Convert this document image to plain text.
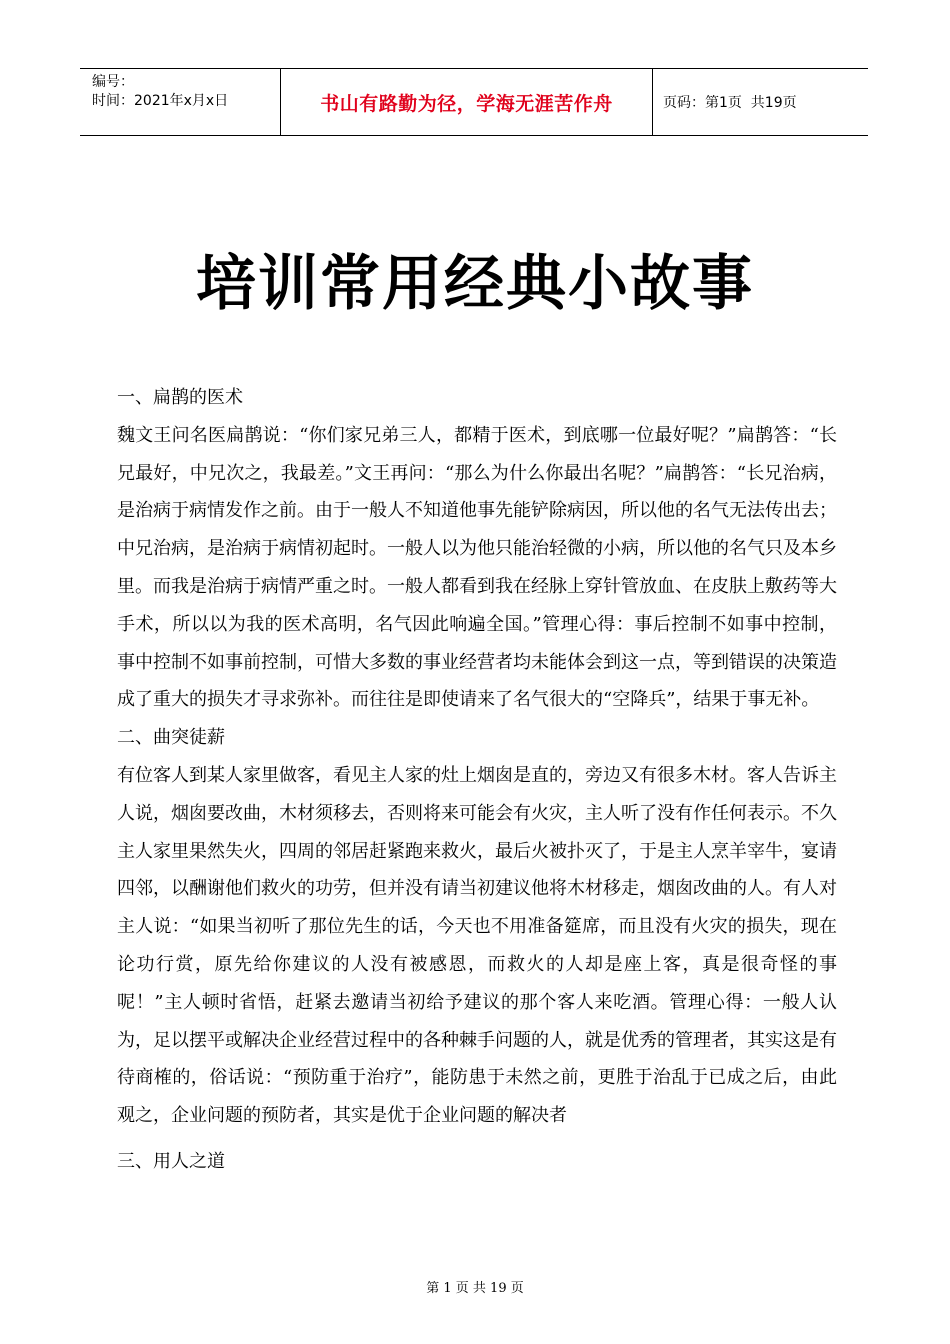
编号：
时间：2021年x月x日	书山有路勤为径，学海无涯苦作舟	页码：第1页  共19页
培训常用经典小故事

一、扁鹊的医术

魏文王问名医扁鹊说：“你们家兄弟三人，都精于医术，到底哪一位最好呢？”扁鹊答：“长兄最好，中兄次之，我最差。”文王再问：“那么为什么你最出名呢？”扁鹊答：“长兄治病，是治病于病情发作之前。由于一般人不知道他事先能铲除病因，所以他的名气无法传出去；中兄治病，是治病于病情初起时。一般人以为他只能治轻微的小病，所以他的名气只及本乡里。而我是治病于病情严重之时。一般人都看到我在经脉上穿针管放血、在皮肤上敷药等大手术，所以以为我的医术高明，名气因此响遍全国。”管理心得：事后控制不如事中控制，事中控制不如事前控制，可惜大多数的事业经营者均未能体会到这一点，等到错误的决策造成了重大的损失才寻求弥补。而往往是即使请来了名气很大的“空降兵”，结果于事无补。

二、曲突徒薪

有位客人到某人家里做客，看见主人家的灶上烟囱是直的，旁边又有很多木材。客人告诉主人说，烟囱要改曲，木材须移去，否则将来可能会有火灾，主人听了没有作任何表示。不久主人家里果然失火，四周的邻居赶紧跑来救火，最后火被扑灭了，于是主人烹羊宰牛，宴请四邻，以酬谢他们救火的功劳，但并没有请当初建议他将木材移走，烟囱改曲的人。有人对主人说：“如果当初听了那位先生的话，今天也不用准备筵席，而且没有火灾的损失，现在论功行赏，原先给你建议的人没有被感恩，而救火的人却是座上客，真是很奇怪的事呢！”主人顿时省悟，赶紧去邀请当初给予建议的那个客人来吃酒。管理心得：一般人认为，足以摆平或解决企业经营过程中的各种棘手问题的人，就是优秀的管理者，其实这是有待商榷的，俗话说：“预防重于治疗”，能防患于未然之前，更胜于治乱于已成之后，由此观之，企业问题的预防者，其实是优于企业问题的解决者

三、用人之道

第 1 页 共 19 页
